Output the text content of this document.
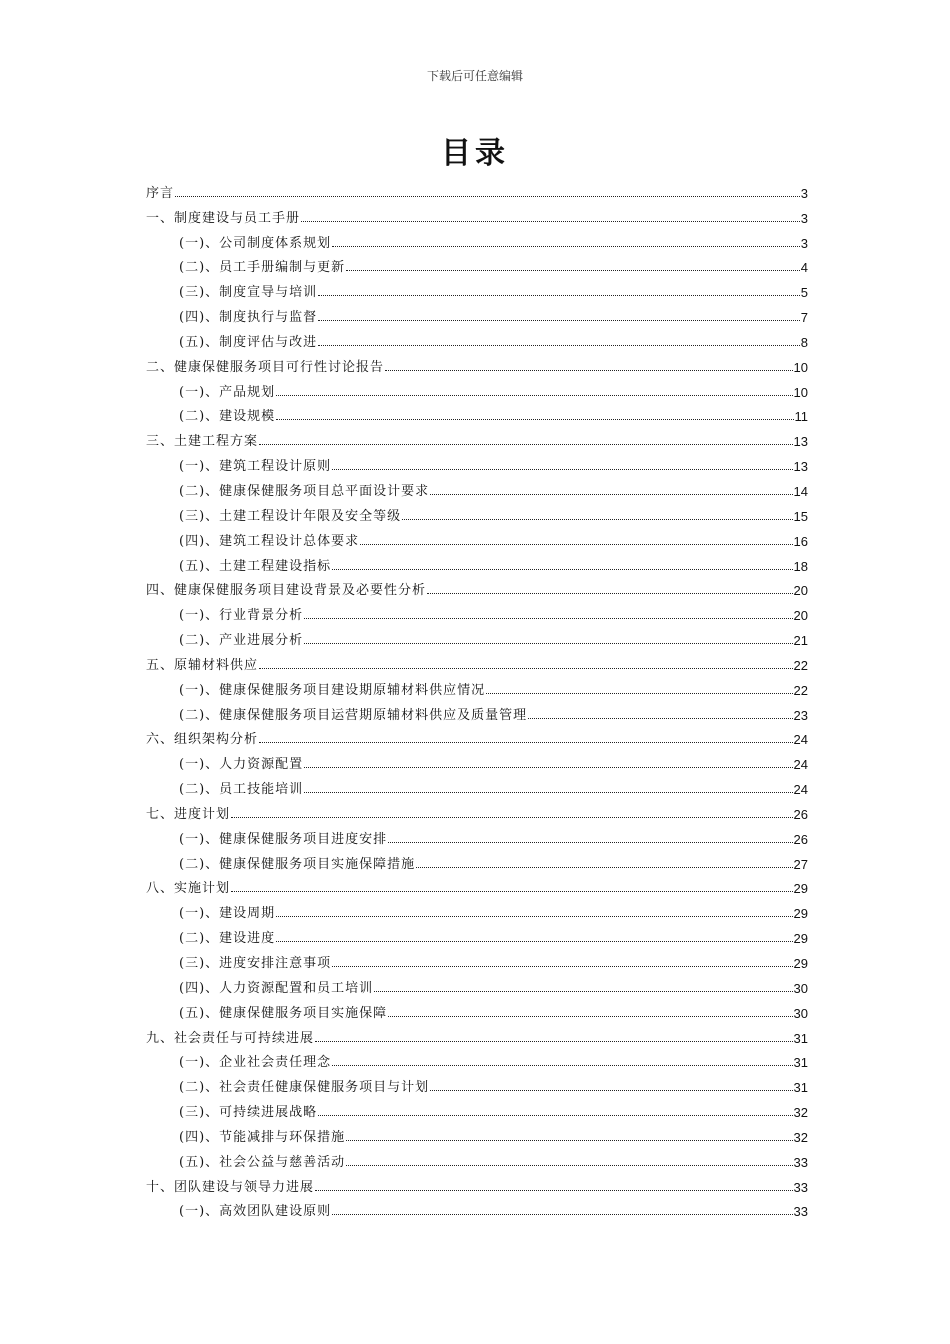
下载后可任意编辑
目录
序言	3
一、制度建设与员工手册	3
(一)、公司制度体系规划	3
(二)、员工手册编制与更新	4
(三)、制度宣导与培训	5
(四)、制度执行与监督	7
(五)、制度评估与改进	8
二、健康保健服务项目可行性讨论报告	10
(一)、产品规划	10
(二)、建设规模	11
三、土建工程方案	13
(一)、建筑工程设计原则	13
(二)、健康保健服务项目总平面设计要求	14
(三)、土建工程设计年限及安全等级	15
(四)、建筑工程设计总体要求	16
(五)、土建工程建设指标	18
四、健康保健服务项目建设背景及必要性分析	20
(一)、行业背景分析	20
(二)、产业进展分析	21
五、原辅材料供应	22
(一)、健康保健服务项目建设期原辅材料供应情况	22
(二)、健康保健服务项目运营期原辅材料供应及质量管理	23
六、组织架构分析	24
(一)、人力资源配置	24
(二)、员工技能培训	24
七、进度计划	26
(一)、健康保健服务项目进度安排	26
(二)、健康保健服务项目实施保障措施	27
八、实施计划	29
(一)、建设周期	29
(二)、建设进度	29
(三)、进度安排注意事项	29
(四)、人力资源配置和员工培训	30
(五)、健康保健服务项目实施保障	30
九、社会责任与可持续进展	31
(一)、企业社会责任理念	31
(二)、社会责任健康保健服务项目与计划	31
(三)、可持续进展战略	32
(四)、节能减排与环保措施	32
(五)、社会公益与慈善活动	33
十、团队建设与领导力进展	33
(一)、高效团队建设原则	33
